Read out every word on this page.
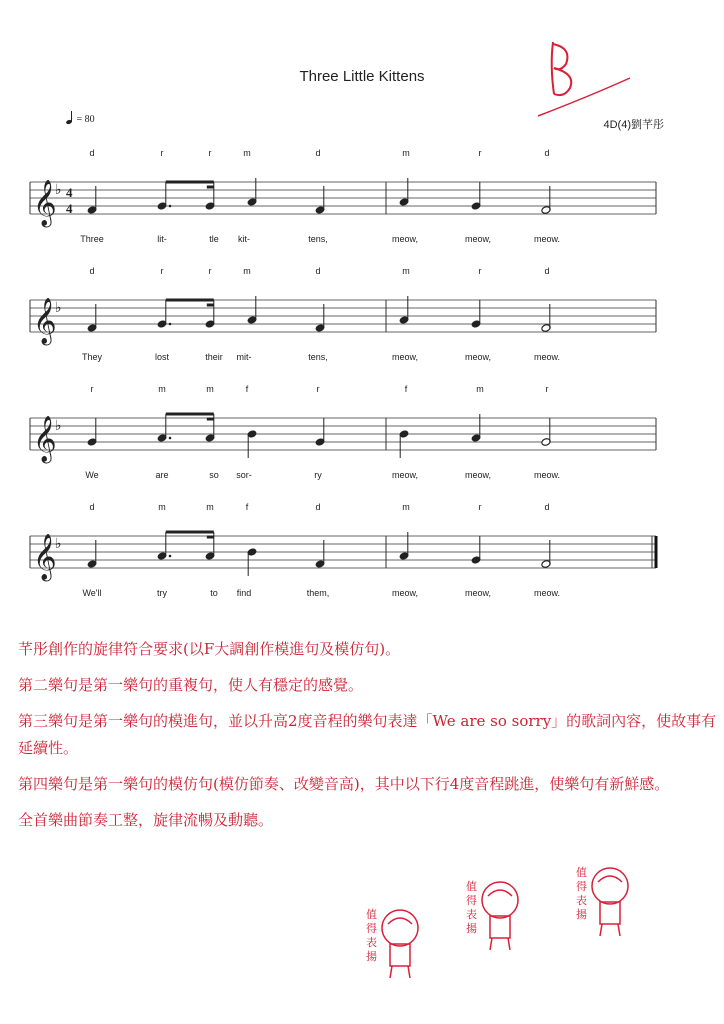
Three Little Kittens
= 80	4D(4)劉芊彤
d	r	r	m	d	m	r	d
𝄞
♭ 4
4
Three	lit-	tle kit-	tens,	meow,	meow,	meow.
d	r	r	m	d	m	r	d
𝄞
♭
They	lost	their mit-	tens,	meow,	meow,	meow.
r	m	m	f	r	f	m	r
𝄞
♭
We	are	so sor-	ry	meow,	meow,	meow.
d	m	m	f	d	m	r	d
𝄞
♭
We'll	try	to find	them,	meow,	meow,	meow.

芊彤創作的旋律符合要求(以F大調創作模進句及模仿句)。

第二樂句是第一樂句的重複句，使人有穩定的感覺。

第三樂句是第一樂句的模進句，並以升高2度音程的樂句表達「We are so sorry」的歌詞內容，使故事有延續性。

第四樂句是第一樂句的模仿句(模仿節奏、改變音高)，其中以下行4度音程跳進，使樂句有新鮮感。

全首樂曲節奏工整，旋律流暢及動聽。

值
得
表
揚
值
得
表
揚
值
得
表
揚
